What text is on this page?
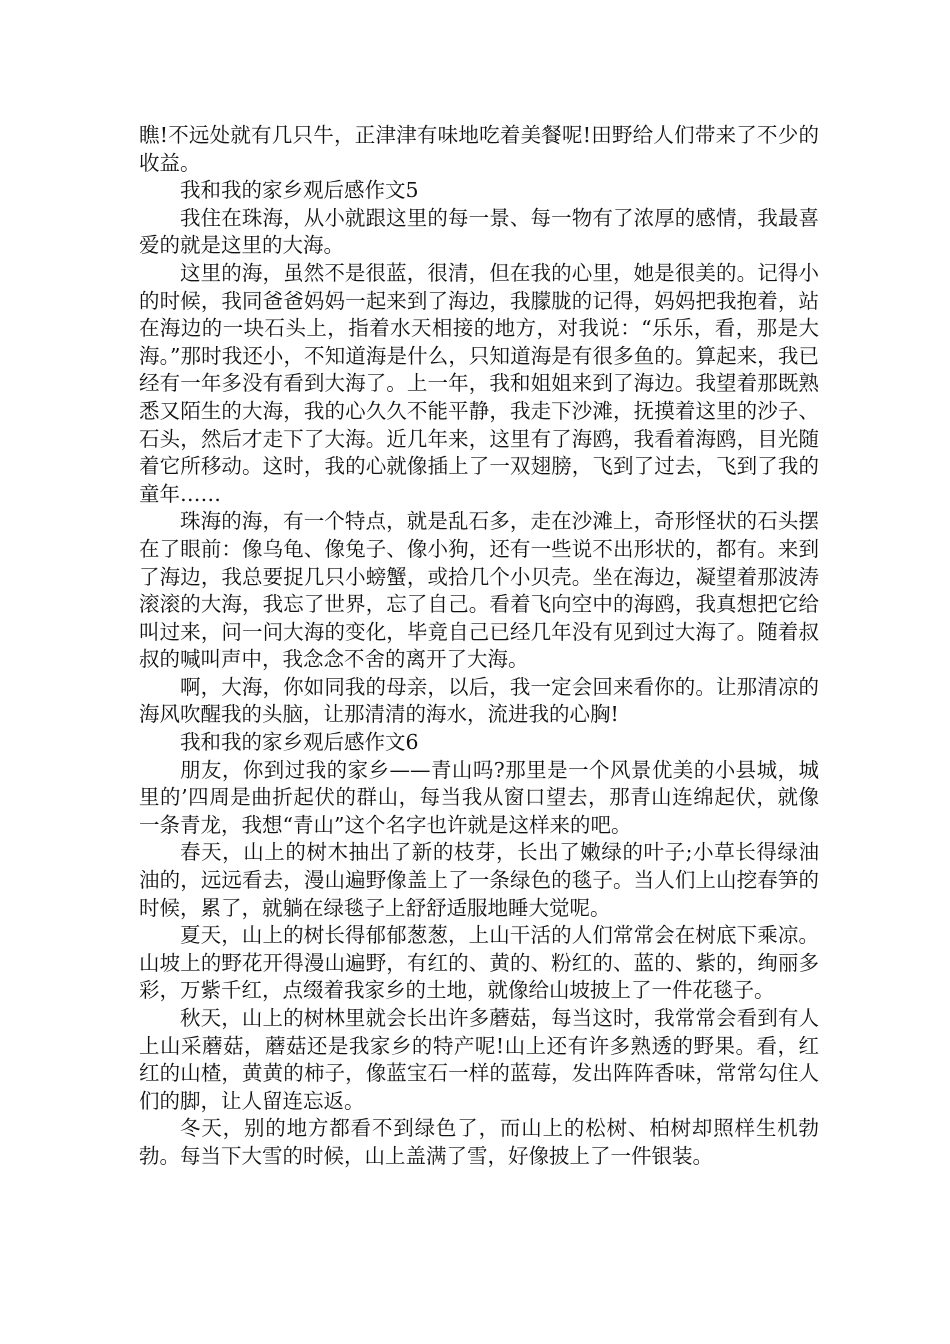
瞧!不远处就有几只牛，正津津有味地吃着美餐呢!田野给人们带来了不少的收益。

我和我的家乡观后感作文5

我住在珠海，从小就跟这里的每一景、每一物有了浓厚的感情，我最喜爱的就是这里的大海。

这里的海，虽然不是很蓝，很清，但在我的心里，她是很美的。记得小的时候，我同爸爸妈妈一起来到了海边，我朦胧的记得，妈妈把我抱着，站在海边的一块石头上，指着水天相接的地方，对我说：“乐乐，看，那是大海。”那时我还小，不知道海是什么，只知道海是有很多鱼的。算起来，我已经有一年多没有看到大海了。上一年，我和姐姐来到了海边。我望着那既熟悉又陌生的大海，我的心久久不能平静，我走下沙滩，抚摸着这里的沙子、石头，然后才走下了大海。近几年来，这里有了海鸥，我看着海鸥，目光随着它所移动。这时，我的心就像插上了一双翅膀，飞到了过去，飞到了我的童年……

珠海的海，有一个特点，就是乱石多，走在沙滩上，奇形怪状的石头摆在了眼前：像乌龟、像兔子、像小狗，还有一些说不出形状的，都有。来到了海边，我总要捉几只小螃蟹，或拾几个小贝壳。坐在海边，凝望着那波涛滚滚的大海，我忘了世界，忘了自己。看着飞向空中的海鸥，我真想把它给叫过来，问一问大海的变化，毕竟自己已经几年没有见到过大海了。随着叔叔的喊叫声中，我念念不舍的离开了大海。

啊，大海，你如同我的母亲，以后，我一定会回来看你的。让那清凉的海风吹醒我的头脑，让那清清的海水，流进我的心胸!

我和我的家乡观后感作文6

朋友，你到过我的家乡——青山吗?那里是一个风景优美的小县城，城里的’四周是曲折起伏的群山，每当我从窗口望去，那青山连绵起伏，就像一条青龙，我想“青山”这个名字也许就是这样来的吧。

春天，山上的树木抽出了新的枝芽，长出了嫩绿的叶子;小草长得绿油油的，远远看去，漫山遍野像盖上了一条绿色的毯子。当人们上山挖春笋的时候，累了，就躺在绿毯子上舒舒适服地睡大觉呢。

夏天，山上的树长得郁郁葱葱，上山干活的人们常常会在树底下乘凉。山坡上的野花开得漫山遍野，有红的、黄的、粉红的、蓝的、紫的，绚丽多彩，万紫千红，点缀着我家乡的土地，就像给山坡披上了一件花毯子。

秋天，山上的树林里就会长出许多蘑菇，每当这时，我常常会看到有人上山采蘑菇，蘑菇还是我家乡的特产呢!山上还有许多熟透的野果。看，红红的山楂，黄黄的柿子，像蓝宝石一样的蓝莓，发出阵阵香味，常常勾住人们的脚，让人留连忘返。

冬天，别的地方都看不到绿色了，而山上的松树、柏树却照样生机勃勃。每当下大雪的时候，山上盖满了雪，好像披上了一件银装。
